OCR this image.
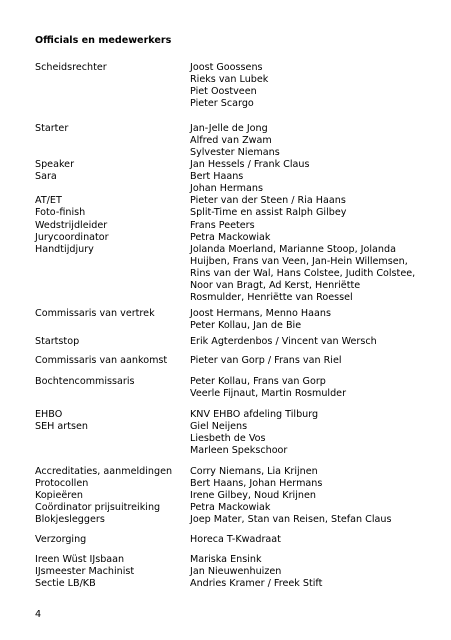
Officials en medewerkers
Scheidsrechter	Joost Goossens
Rieks van Lubek
Piet Oostveen
Pieter Scargo
Starter	Jan-Jelle de Jong
Alfred van Zwam
Sylvester Niemans
Speaker	Jan Hessels / Frank Claus
Sara	Bert Haans
Johan Hermans
AT/ET	Pieter van der Steen / Ria Haans
Foto-finish	Split-Time en assist Ralph Gilbey
Wedstrijdleider	Frans Peeters
Jurycoordinator	Petra Mackowiak
Handtijdjury	Jolanda Moerland, Marianne Stoop, Jolanda
Huijben, Frans van Veen, Jan-Hein Willemsen,
Rins van der Wal, Hans Colstee, Judith Colstee,
Noor van Bragt, Ad Kerst, Henriëtte
Rosmulder, Henriëtte van Roessel
Commissaris van vertrek	Joost Hermans, Menno Haans
Peter Kollau, Jan de Bie
Startstop	Erik Agterdenbos / Vincent van Wersch
Commissaris van aankomst Pieter van Gorp / Frans van Riel
Bochtencommissaris	Peter Kollau, Frans van Gorp
Veerle Fijnaut, Martin Rosmulder
EHBO	KNV EHBO afdeling Tilburg
SEH artsen	Giel Neijens
Liesbeth de Vos
Marleen Spekschoor
Accreditaties, aanmeldingen Corry Niemans, Lia Krijnen
Protocollen	Bert Haans, Johan Hermans
Kopieëren	Irene Gilbey, Noud Krijnen
Coördinator prijsuitreiking	Petra Mackowiak
Blokjesleggers	Joep Mater, Stan van Reisen, Stefan Claus
Verzorging	Horeca T-Kwadraat
Ireen Wüst IJsbaan	Mariska Ensink
IJsmeester Machinist	Jan Nieuwenhuizen
Sectie LB/KB	Andries Kramer / Freek Stift
4
